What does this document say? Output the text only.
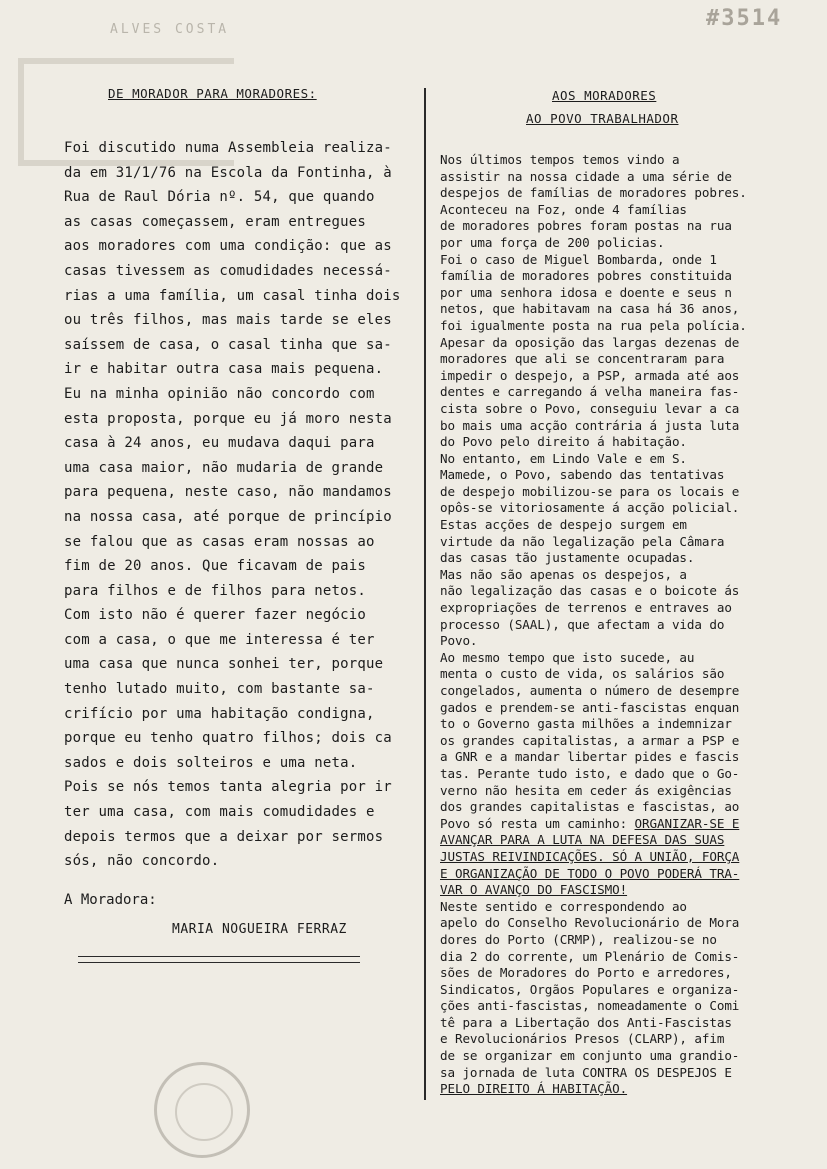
ALVES COSTA	#3514
DE MORADOR PARA MORADORES:
Foi discutido numa Assembleia realiza-
da em 31/1/76 na Escola da Fontinha, à
Rua de Raul Dória nº. 54, que quando
as casas começassem, eram entregues
aos moradores com uma condição: que as
casas tivessem as comudidades necessá-
rias a uma família, um casal tinha dois
ou três filhos, mas mais tarde se eles
saíssem de casa, o casal tinha que sa-
ir e habitar outra casa mais pequena.
Eu na minha opinião não concordo com
esta proposta, porque eu já moro nesta
casa à 24 anos, eu mudava daqui para
uma casa maior, não mudaria de grande
para pequena, neste caso, não mandamos
na nossa casa, até porque de princípio
se falou que as casas eram nossas ao
fim de 20 anos. Que ficavam de pais
para filhos e de filhos para netos.
Com isto não é querer fazer negócio
com a casa, o que me interessa é ter
uma casa que nunca sonhei ter, porque
tenho lutado muito, com bastante sa-
crifício por uma habitação condigna,
porque eu tenho quatro filhos; dois ca
sados e dois solteiros e uma neta.
Pois se nós temos tanta alegria por ir
ter uma casa, com mais comudidades e
depois termos que a deixar por sermos
sós, não concordo.
A Moradora:
MARIA NOGUEIRA FERRAZ
AOS MORADORES
AO POVO TRABALHADOR
Nos últimos tempos temos vindo a
assistir na nossa cidade a uma série de
despejos de famílias de moradores pobres.
Aconteceu na Foz, onde 4 famílias
de moradores pobres foram postas na rua
por uma força de 200 policias.
Foi o caso de Miguel Bombarda, onde 1
família de moradores pobres constituida
por uma senhora idosa e doente e seus n
netos, que habitavam na casa há 36 anos,
foi igualmente posta na rua pela polícia.
Apesar da oposição das largas dezenas de
moradores que ali se concentraram para
impedir o despejo, a PSP, armada até aos
dentes e carregando á velha maneira fas-
cista sobre o Povo, conseguiu levar a ca
bo mais uma acção contrária á justa luta
do Povo pelo direito á habitação.
No entanto, em Lindo Vale e em S.
Mamede, o Povo, sabendo das tentativas
de despejo mobilizou-se para os locais e
opôs-se vitoriosamente á acção policial.
Estas acções de despejo surgem em
virtude da não legalização pela Câmara
das casas tão justamente ocupadas.
Mas não são apenas os despejos, a
não legalização das casas e o boicote ás
expropriações de terrenos e entraves ao
processo (SAAL), que afectam a vida do
Povo.
Ao mesmo tempo que isto sucede, au
menta o custo de vida, os salários são
congelados, aumenta o número de desempre
gados e prendem-se anti-fascistas enquan
to o Governo gasta milhões a indemnizar
os grandes capitalistas, a armar a PSP e
a GNR e a mandar libertar pides e fascis
tas. Perante tudo isto, e dado que o Go-
verno não hesita em ceder ás exigências
dos grandes capitalistas e fascistas, ao
Povo só resta um caminho: ORGANIZAR-SE E
AVANÇAR PARA A LUTA NA DEFESA DAS SUAS
JUSTAS REIVINDICAÇÕES. SÓ A UNIÃO, FORÇA
E ORGANIZAÇÃO DE TODO O POVO PODERÁ TRA-
VAR O AVANÇO DO FASCISMO!
Neste sentido e correspondendo ao
apelo do Conselho Revolucionário de Mora
dores do Porto (CRMP), realizou-se no
dia 2 do corrente, um Plenário de Comis-
sões de Moradores do Porto e arredores,
Sindicatos, Orgãos Populares e organiza-
ções anti-fascistas, nomeadamente o Comi
tê para a Libertação dos Anti-Fascistas
e Revolucionários Presos (CLARP), afim
de se organizar em conjunto uma grandio-
sa jornada de luta CONTRA OS DESPEJOS E
PELO DIREITO Á HABITAÇÃO.
